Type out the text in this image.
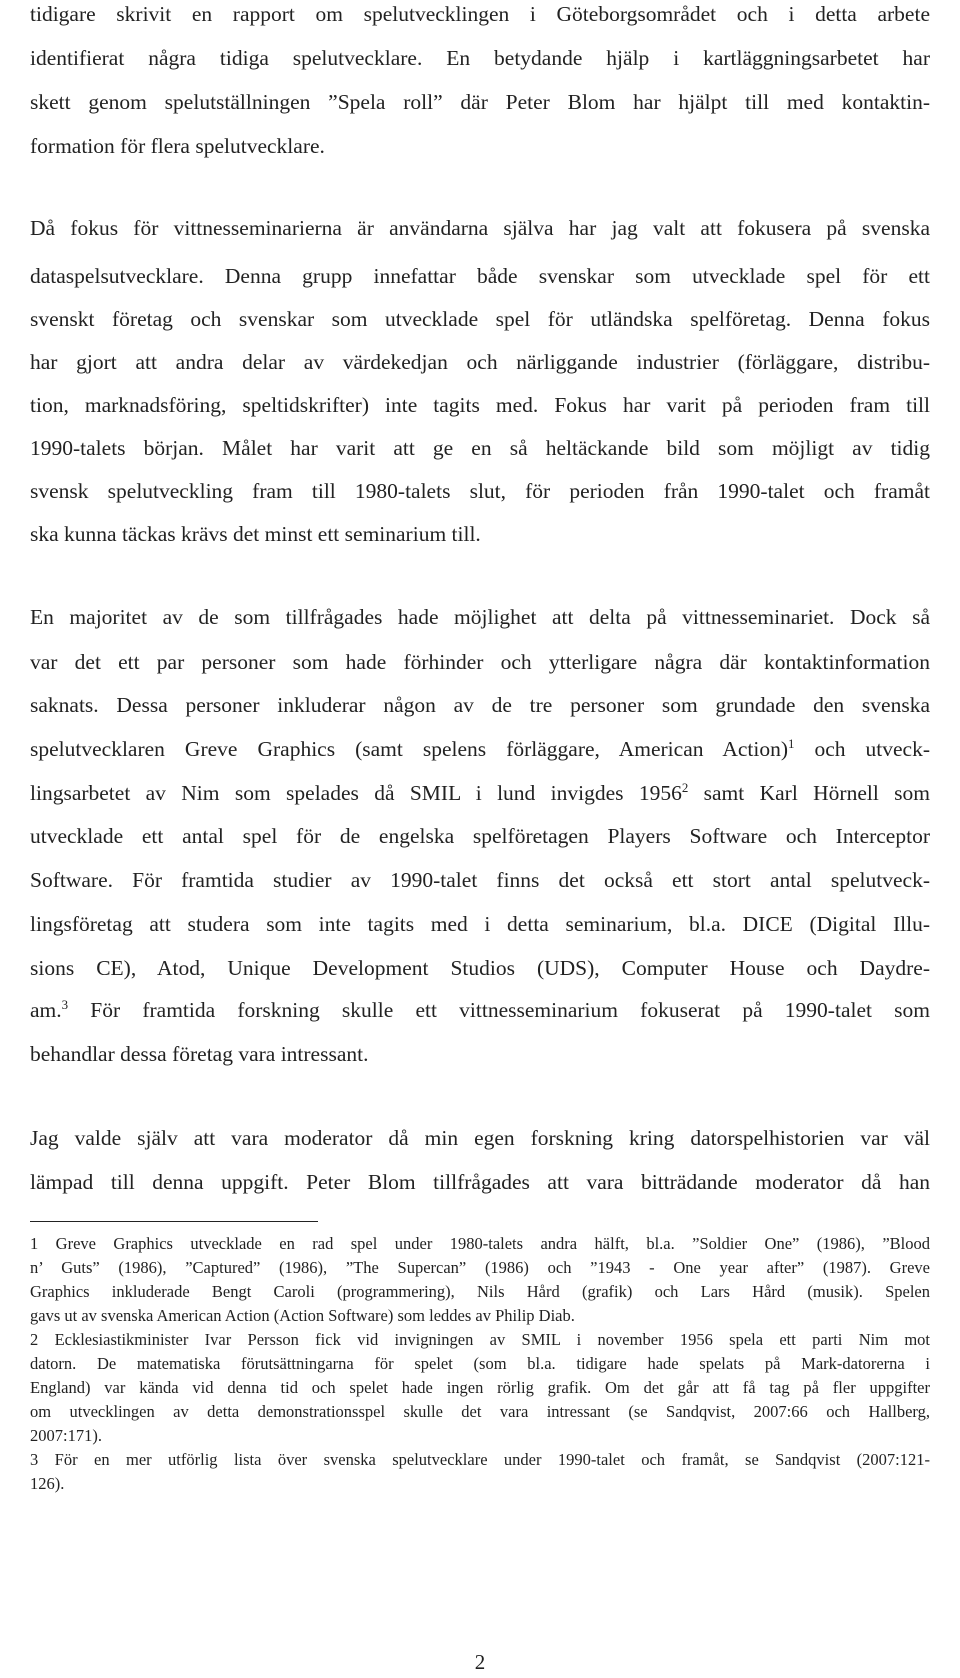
tidigare skrivit en rapport om spelutvecklingen i Göteborgsområdet och i detta arbete
identifierat några tidiga spelutvecklare. En betydande hjälp i kartläggningsarbetet har
skett genom spelutställningen ”Spela roll” där Peter Blom har hjälpt till med kontaktin-
formation för flera spelutvecklare.
Då fokus för vittnesseminarierna är användarna själva har jag valt att fokusera på svenska
dataspelsutvecklare. Denna grupp innefattar både svenskar som utvecklade spel för ett
svenskt företag och svenskar som utvecklade spel för utländska spelföretag. Denna fokus
har gjort att andra delar av värdekedjan och närliggande industrier (förläggare, distribu-
tion, marknadsföring, speltidskrifter) inte tagits med. Fokus har varit på perioden fram till
1990-talets början. Målet har varit att ge en så heltäckande bild som möjligt av tidig
svensk spelutveckling fram till 1980-talets slut, för perioden från 1990-talet och framåt
ska kunna täckas krävs det minst ett seminarium till.
En majoritet av de som tillfrågades hade möjlighet att delta på vittnesseminariet. Dock så
var det ett par personer som hade förhinder och ytterligare några där kontaktinformation
saknats. Dessa personer inkluderar någon av de tre personer som grundade den svenska
spelutvecklaren Greve Graphics (samt spelens förläggare, American Action)$^1$ och utveck-
lingsarbetet av Nim som spelades då SMIL i lund invigdes 1956$^2$ samt Karl Hörnell som
utvecklade ett antal spel för de engelska spelföretagen Players Software och Interceptor
Software. För framtida studier av 1990-talet finns det också ett stort antal spelutveck-
lingsföretag att studera som inte tagits med i detta seminarium, bl.a. DICE (Digital Illu-
sions CE), Atod, Unique Development Studios (UDS), Computer House och Daydre-
am.$^3$ För framtida forskning skulle ett vittnesseminarium fokuserat på 1990-talet som
behandlar dessa företag vara intressant.
Jag valde själv att vara moderator då min egen forskning kring datorspelhistorien var väl
lämpad till denna uppgift. Peter Blom tillfrågades att vara bitträdande moderator då han
1 Greve Graphics utvecklade en rad spel under 1980-talets andra hälft, bl.a. ”Soldier One” (1986), ”Blood
n’ Guts” (1986), ”Captured” (1986), ”The Supercan” (1986) och ”1943 - One year after” (1987). Greve
Graphics inkluderade Bengt Caroli (programmering), Nils Hård (grafik) och Lars Hård (musik). Spelen
gavs ut av svenska American Action (Action Software) som leddes av Philip Diab.
2 Ecklesiastikminister Ivar Persson fick vid invigningen av SMIL i november 1956 spela ett parti Nim mot
datorn. De matematiska förutsättningarna för spelet (som bl.a. tidigare hade spelats på Mark-datorerna i
England) var kända vid denna tid och spelet hade ingen rörlig grafik. Om det går att få tag på fler uppgifter
om utvecklingen av detta demonstrationsspel skulle det vara intressant (se Sandqvist, 2007:66 och Hallberg,
2007:171).
3 För en mer utförlig lista över svenska spelutvecklare under 1990-talet och framåt, se Sandqvist (2007:121-
126).
2
